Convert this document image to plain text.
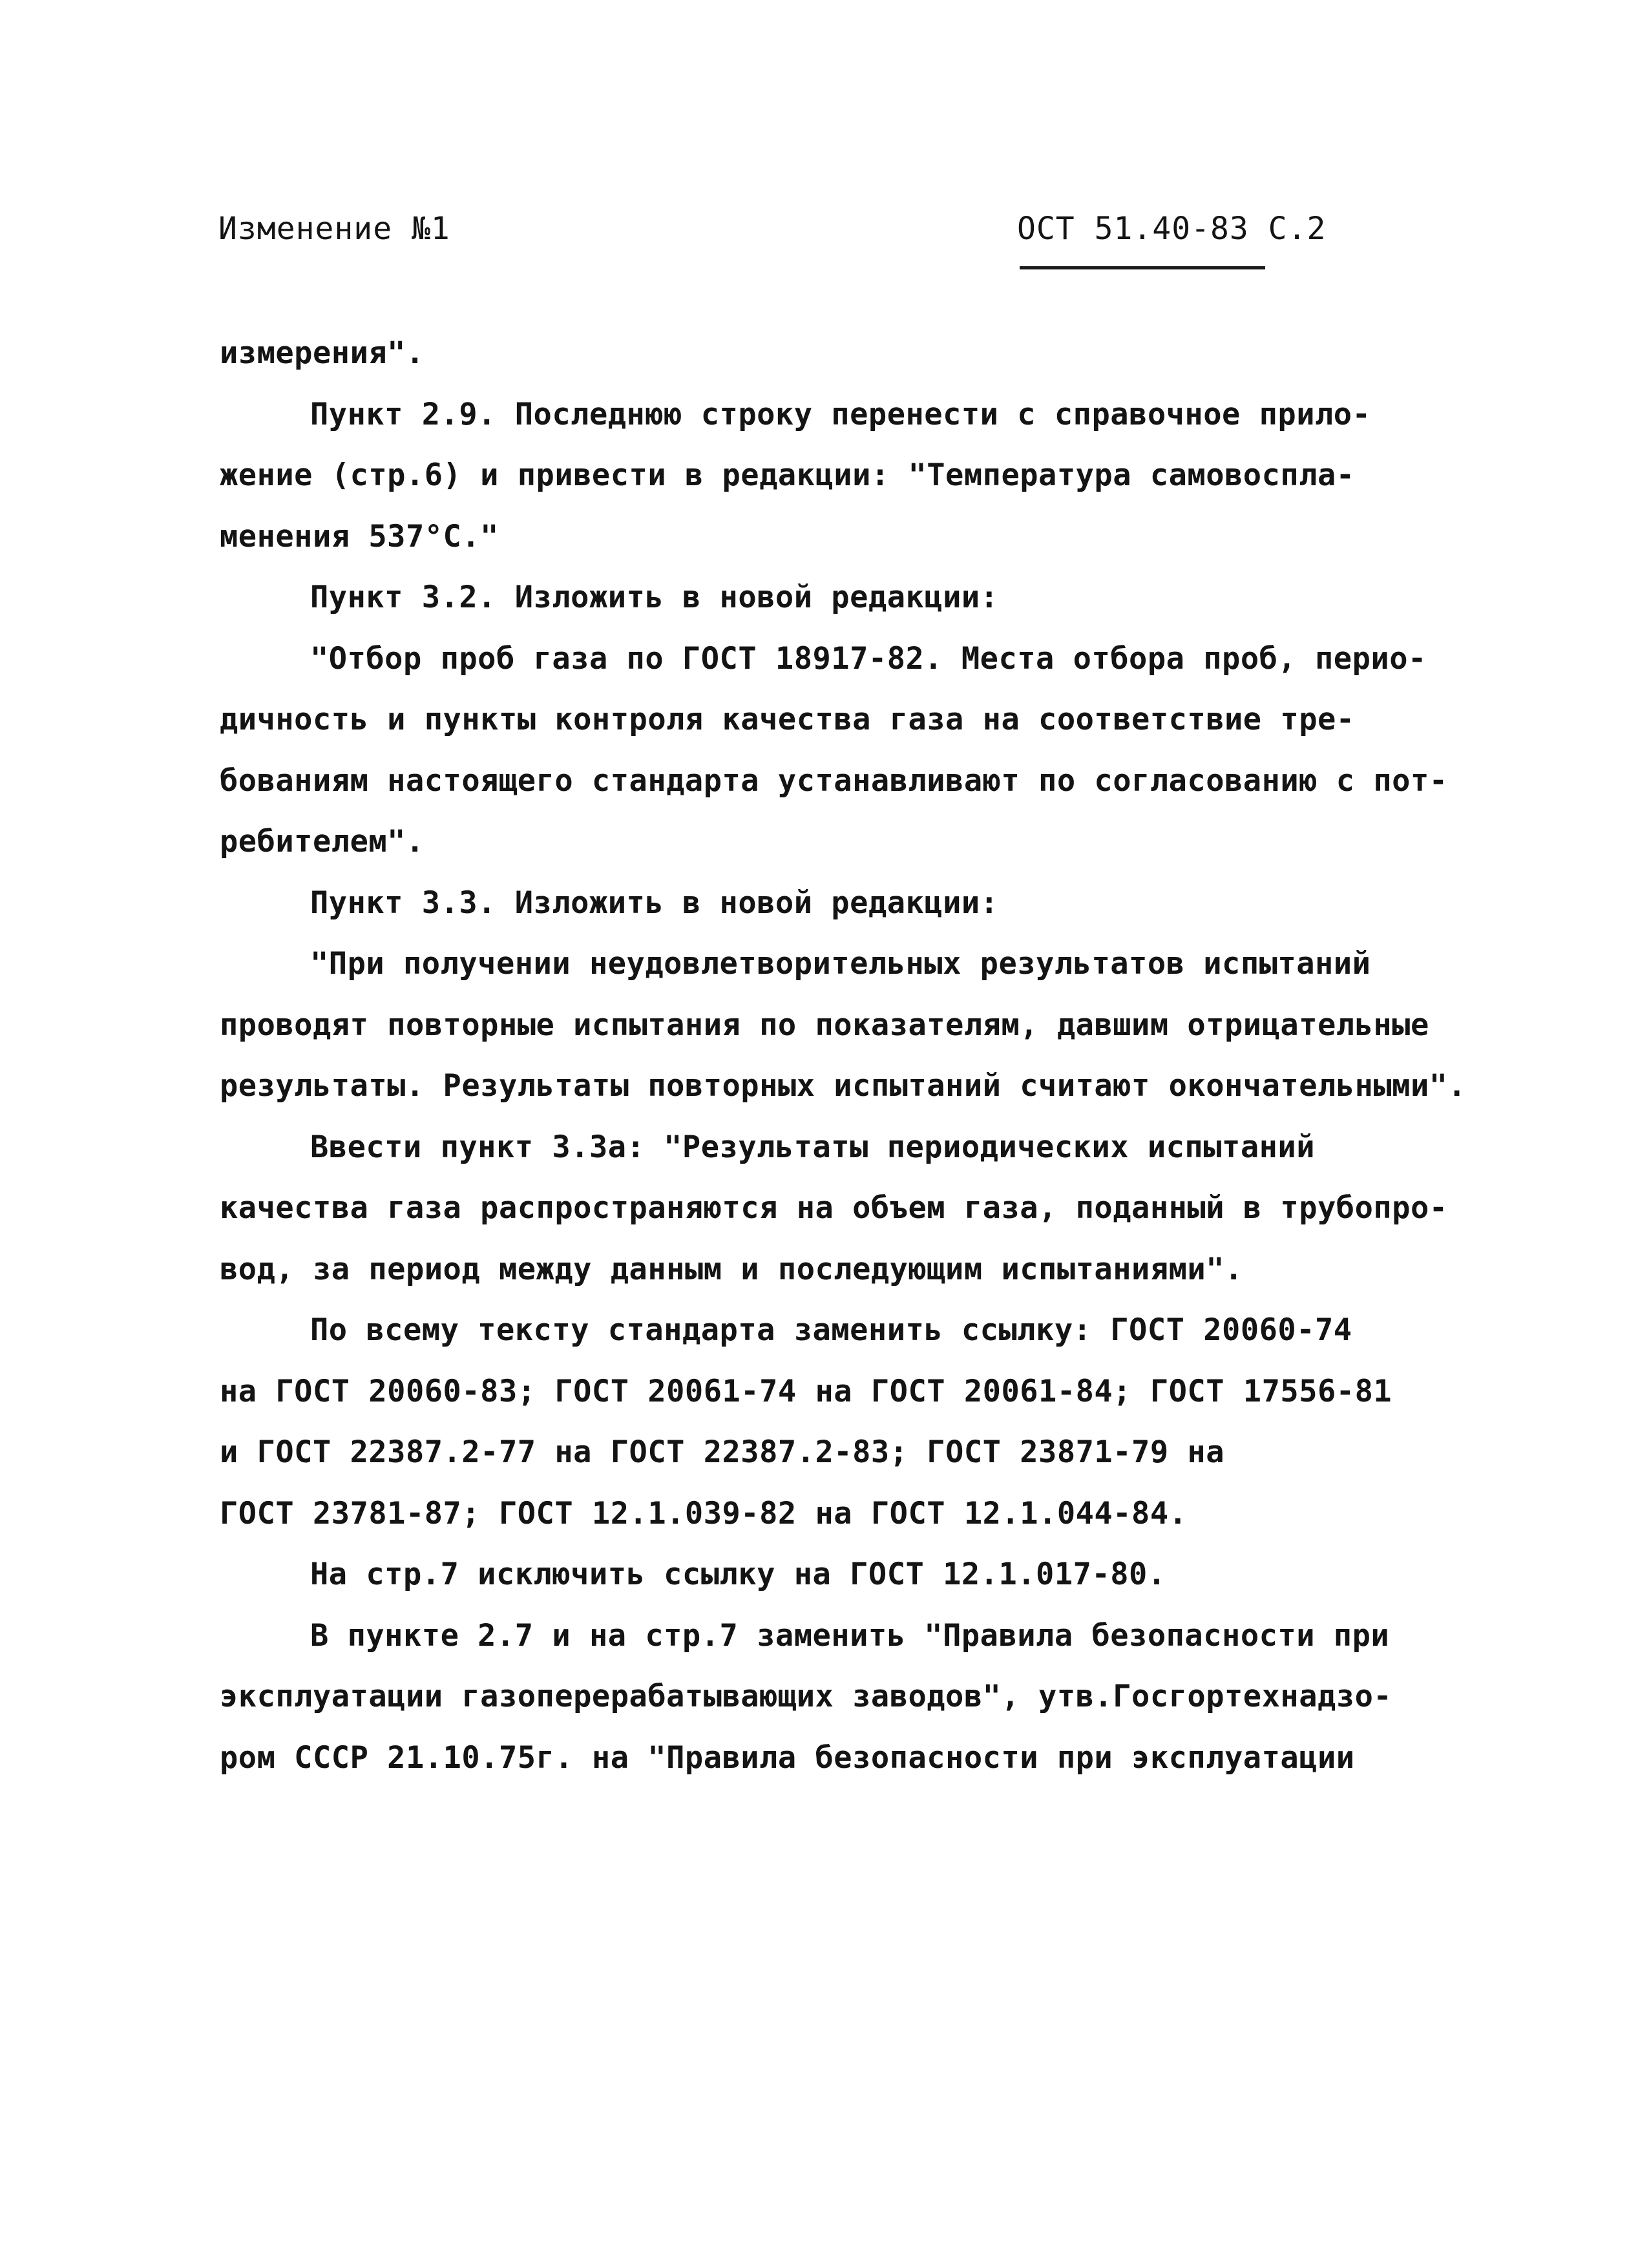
Изменение №1	ОСТ 51.40-83 С.2
измерения".
Пункт 2.9. Последнюю строку перенести с справочное прило-
жение (стр.6) и привести в редакции: "Температура самовоспла-
менения 537°С."
Пункт 3.2. Изложить в новой редакции:
"Отбор проб газа по ГОСТ 18917-82. Места отбора проб, перио-
дичность и пункты контроля качества газа на соответствие тре-
бованиям настоящего стандарта устанавливают по согласованию с пот-
ребителем".
Пункт 3.3. Изложить в новой редакции:
"При получении неудовлетворительных результатов испытаний
проводят повторные испытания по показателям, давшим отрицательные
результаты. Результаты повторных испытаний считают окончательными".
Ввести пункт 3.3а: "Результаты периодических испытаний
качества газа распространяются на объем газа, поданный в трубопро-
вод, за период между данным и последующим испытаниями".
По всему тексту стандарта заменить ссылку: ГОСТ 20060-74
на ГОСТ 20060-83; ГОСТ 20061-74 на ГОСТ 20061-84; ГОСТ 17556-81
и ГОСТ 22387.2-77 на ГОСТ 22387.2-83; ГОСТ 23871-79 на
ГОСТ 23781-87; ГОСТ 12.1.039-82 на ГОСТ 12.1.044-84.
На стр.7 исключить ссылку на ГОСТ 12.1.017-80.
В пункте 2.7 и на стр.7 заменить "Правила безопасности при
эксплуатации газоперерабатывающих заводов", утв.Госгортехнадзо-
ром СССР 21.10.75г. на "Правила безопасности при эксплуатации
